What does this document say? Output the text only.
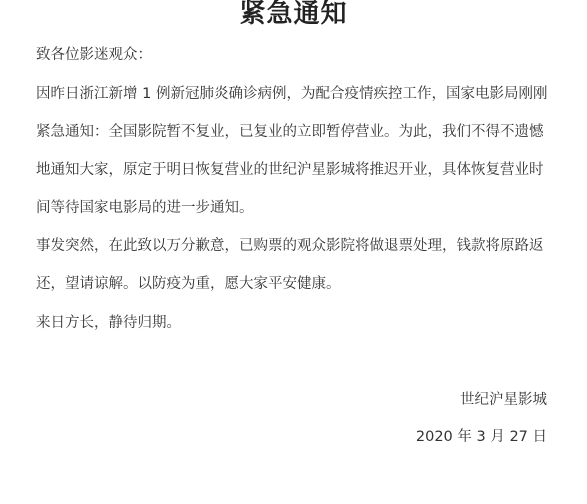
紧急通知
致各位影迷观众：
因昨日浙江新增 1 例新冠肺炎确诊病例，为配合疫情疾控工作，国家电影局刚刚
紧急通知：全国影院暂不复业，已复业的立即暂停营业。为此，我们不得不遗憾
地通知大家，原定于明日恢复营业的世纪沪星影城将推迟开业，具体恢复营业时
间等待国家电影局的进一步通知。
事发突然，在此致以万分歉意，已购票的观众影院将做退票处理，钱款将原路返
还，望请谅解。以防疫为重，愿大家平安健康。
来日方长，静待归期。
世纪沪星影城
2020 年 3 月 27 日
